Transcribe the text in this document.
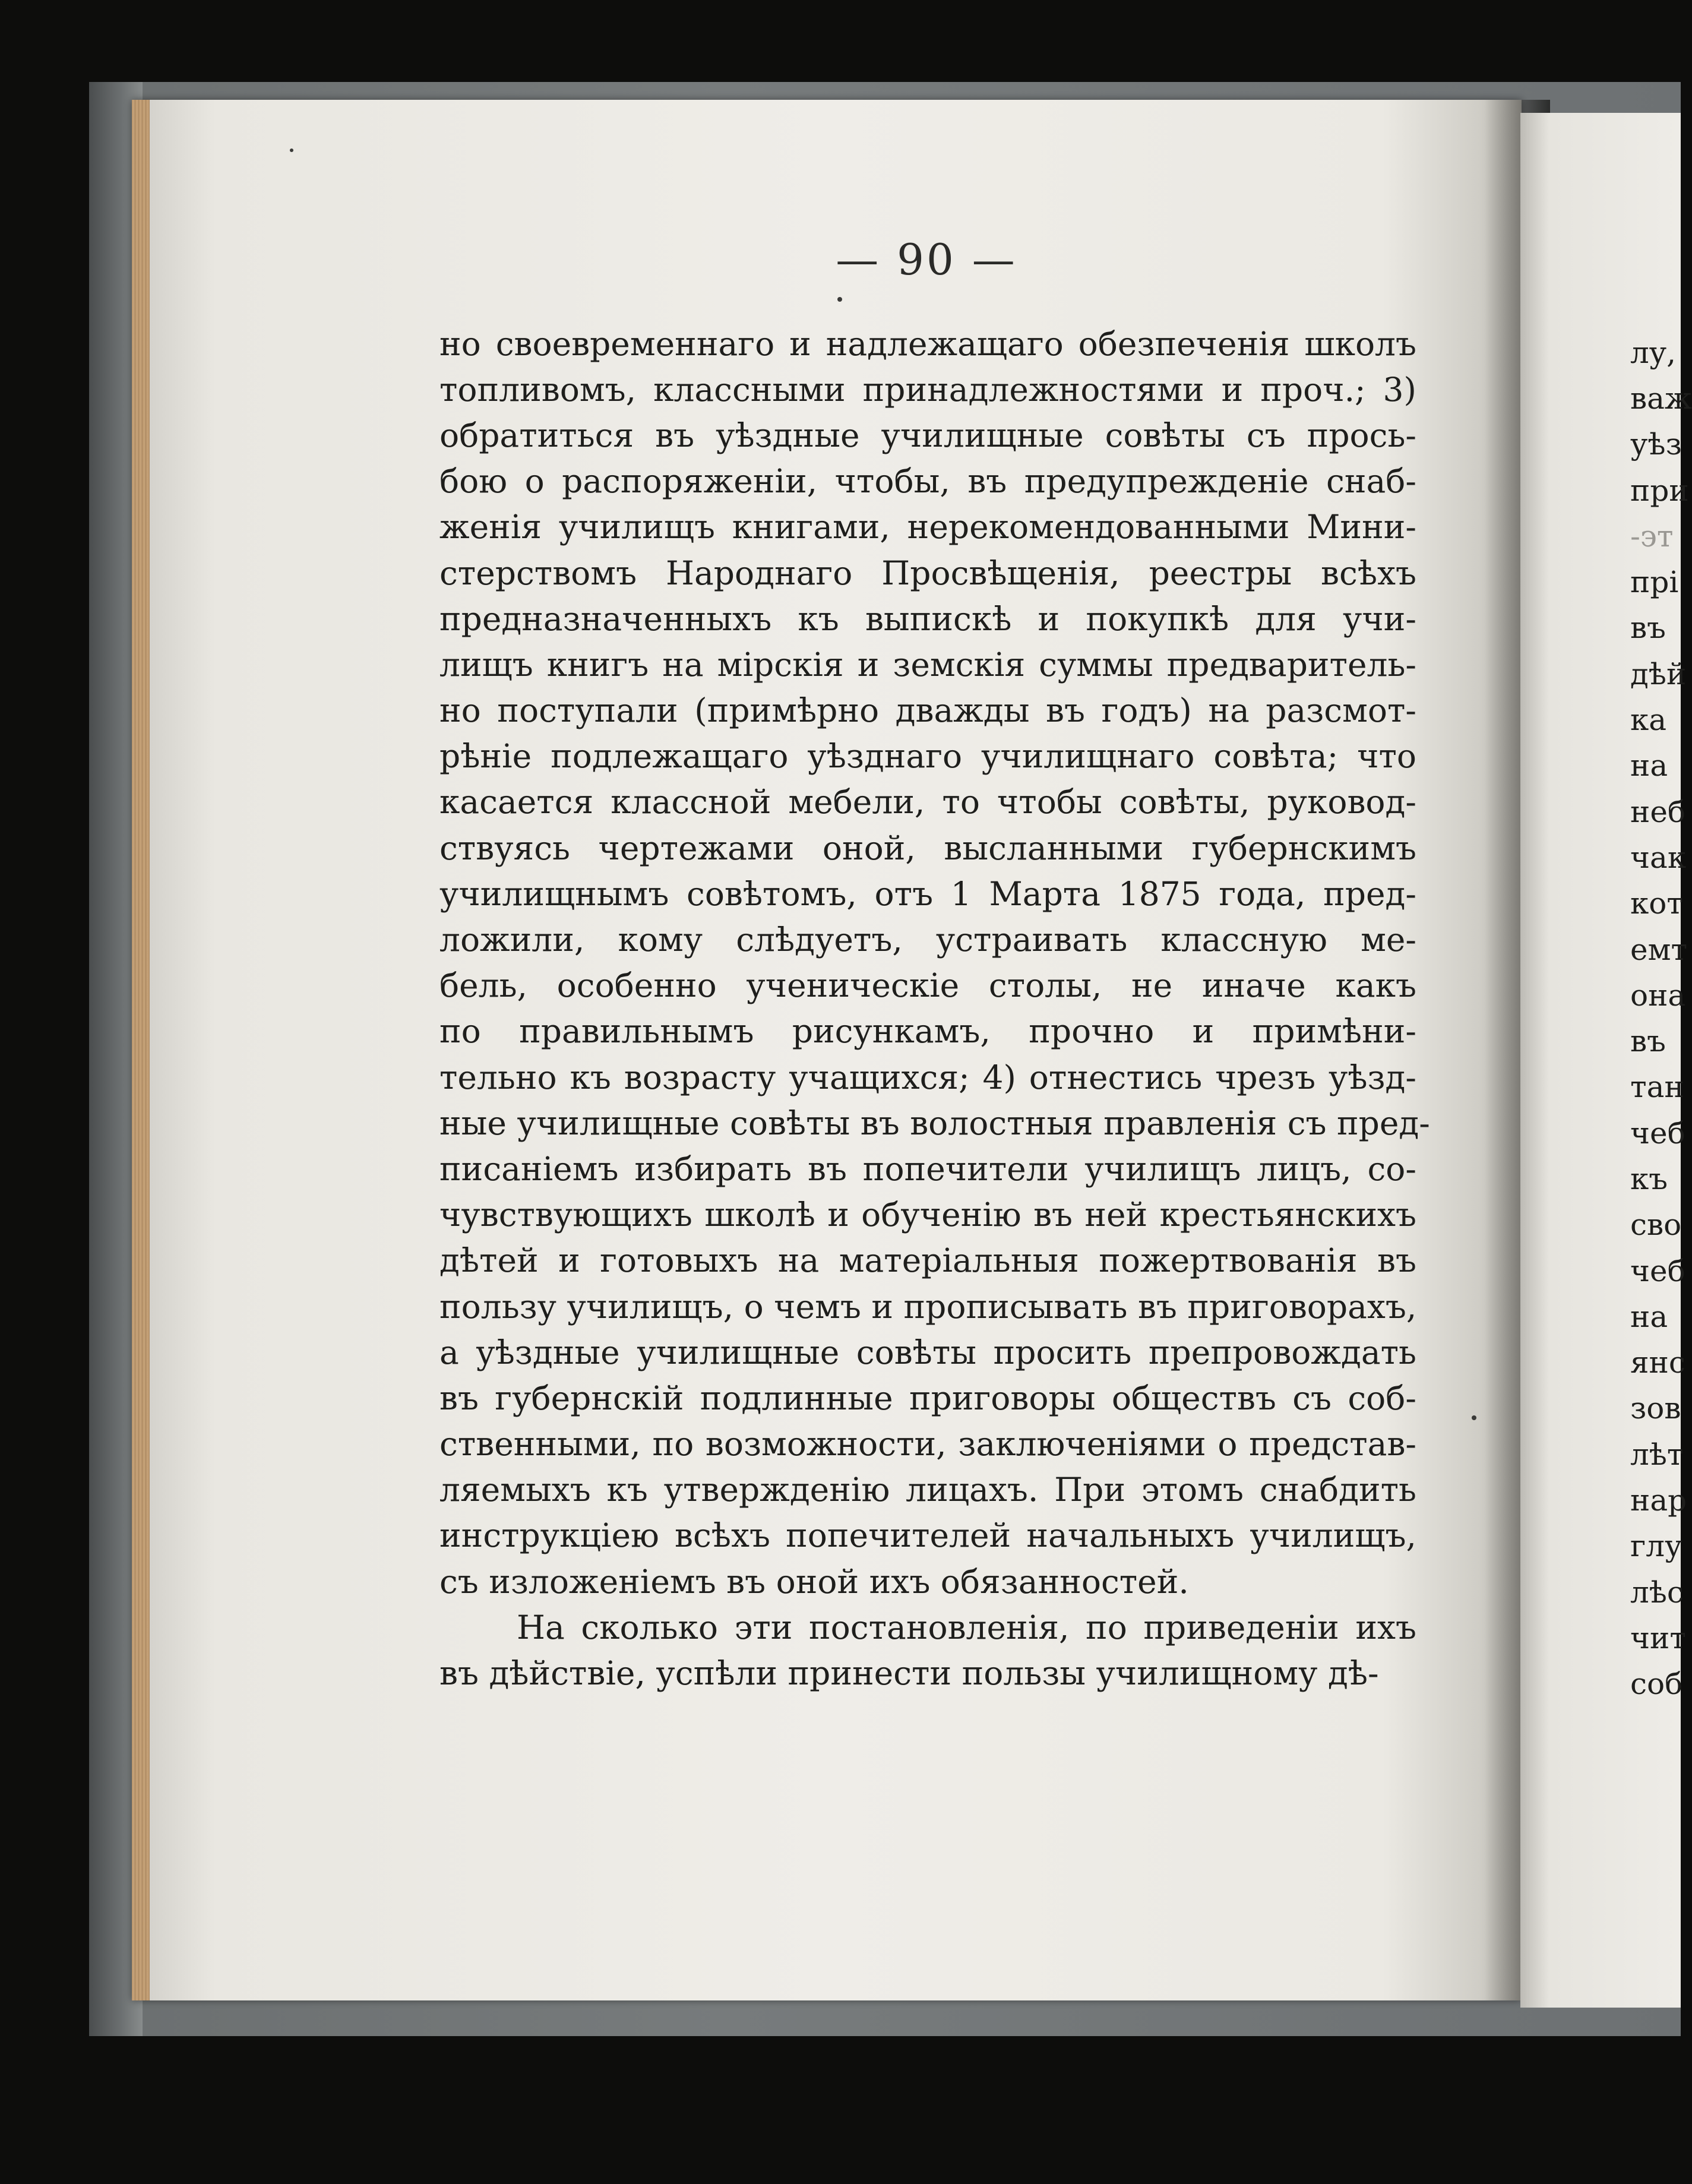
— 90 —
но своевременнаго и надлежащаго обезпеченія школъ
топливомъ, классными принадлежностями и проч.; 3)
обратиться въ уѣздные училищные совѣты съ прось-
бою о распоряженіи, чтобы, въ предупрежденіе снаб-
женія училищъ книгами, нерекомендованными Мини-
стерствомъ Народнаго Просвѣщенія, реестры всѣхъ
предназначенныхъ къ выпискѣ и покупкѣ для учи-
лищъ книгъ на мірскія и земскія суммы предваритель-
но поступали (примѣрно дважды въ годъ) на разсмот-
рѣніе подлежащаго уѣзднаго училищнаго совѣта; что
касается классной мебели, то чтобы совѣты, руковод-
ствуясь чертежами оной, высланными губернскимъ
училищнымъ совѣтомъ, отъ 1 Марта 1875 года, пред-
ложили, кому слѣдуетъ, устраивать классную ме-
бель, особенно ученическіе столы, не иначе какъ
по правильнымъ рисункамъ, прочно и примѣни-
тельно къ возрасту учащихся; 4) отнестись чрезъ уѣзд-
ные училищные совѣты въ волостныя правленія съ пред-
писаніемъ избирать въ попечители училищъ лицъ, со-
чувствующихъ школѣ и обученію въ ней крестьянскихъ
дѣтей и готовыхъ на матеріальныя пожертвованія въ
пользу училищъ, о чемъ и прописывать въ приговорахъ,
а уѣздные училищные совѣты просить препровождать
въ губернскій подлинные приговоры обществъ съ соб-
ственными, по возможности, заключеніями о представ-
ляемыхъ къ утвержденію лицахъ. При этомъ снабдить
инструкціею всѣхъ попечителей начальныхъ училищъ,
съ изложеніемъ въ оной ихъ обязанностей.
На сколько эти постановленія, по приведеніи ихъ
въ дѣйствіе, успѣли принести пользы училищному дѣ-
лу,
важ
уѣз
при
-эт
прі
въ
дѣй
ка
на
неб
чак
кот
емт
она
въ
тан
чеб
къ
сво
чеб
на
янс
зов
лѣт
нар
глу
лѣс
чит
соб
